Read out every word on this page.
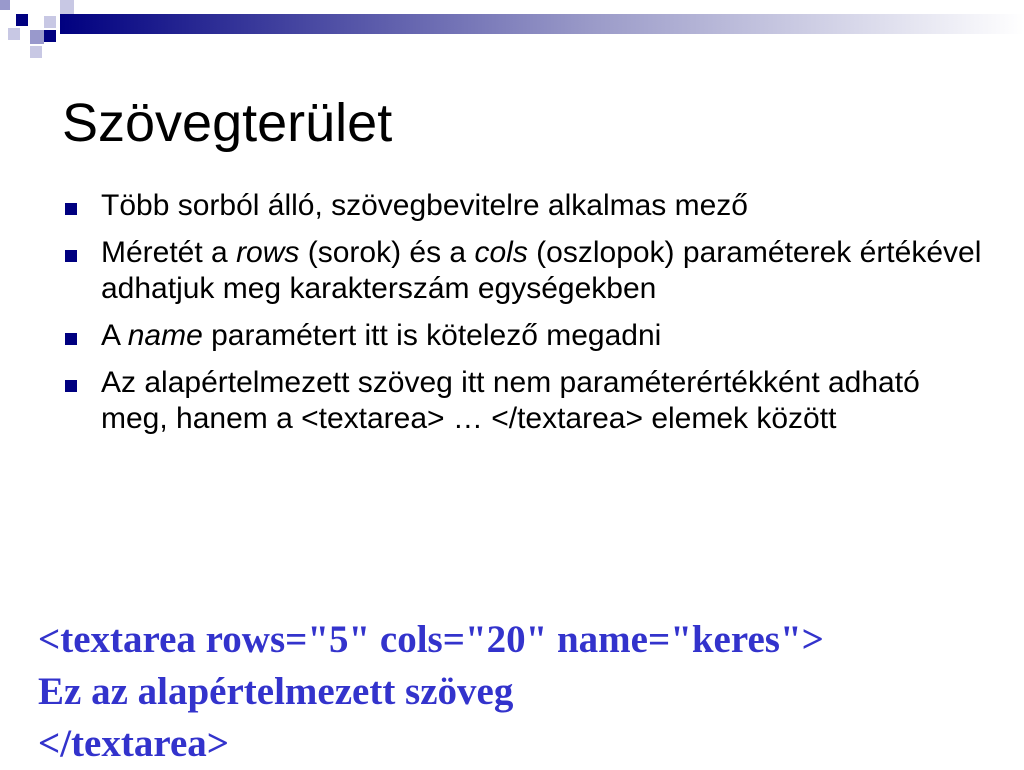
Szövegterület
Több sorból álló, szövegbevitelre alkalmas mező
Méretét a rows (sorok) és a cols (oszlopok) paraméterek értékével adhatjuk meg karakterszám egységekben
A name paramétert itt is kötelező megadni
Az alapértelmezett szöveg itt nem paraméterértékként adható meg, hanem a <textarea> … </textarea> elemek között
<textarea rows="5" cols="20" name="keres">
Ez az alapértelmezett szöveg
</textarea>
